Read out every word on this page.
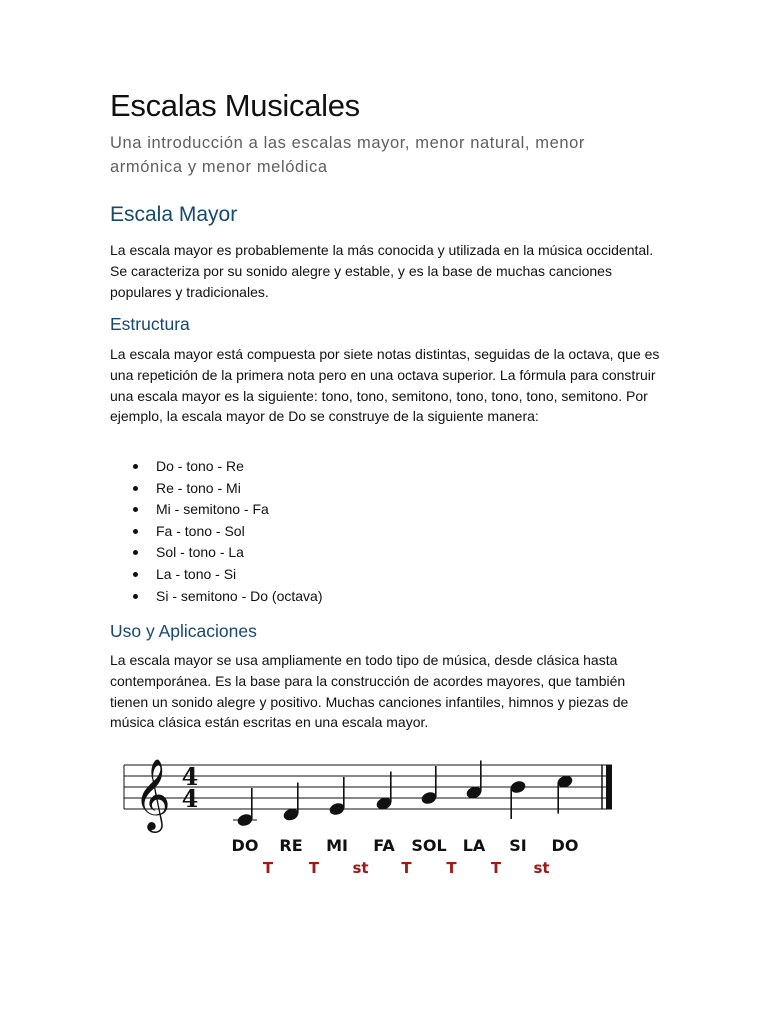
Escalas Musicales

Una introducción a las escalas mayor, menor natural, menor armónica y menor melódica

Escala Mayor

La escala mayor es probablemente la más conocida y utilizada en la música occidental. Se caracteriza por su sonido alegre y estable, y es la base de muchas canciones populares y tradicionales.

Estructura

La escala mayor está compuesta por siete notas distintas, seguidas de la octava, que es una repetición de la primera nota pero en una octava superior. La fórmula para construir una escala mayor es la siguiente: tono, tono, semitono, tono, tono, tono, semitono. Por ejemplo, la escala mayor de Do se construye de la siguiente manera:

Do - tono - Re
Re - tono - Mi
Mi - semitono - Fa
Fa - tono - Sol
Sol - tono - La
La - tono - Si
Si - semitono - Do (octava)
Uso y Aplicaciones

La escala mayor se usa ampliamente en todo tipo de música, desde clásica hasta contemporánea. Es la base para la construcción de acordes mayores, que también tienen un sonido alegre y positivo. Muchas canciones infantiles, himnos y piezas de música clásica están escritas en una escala mayor.

𝄞 4
4
DO RE MI FA SOL LA SI DO
T T st T T T st
